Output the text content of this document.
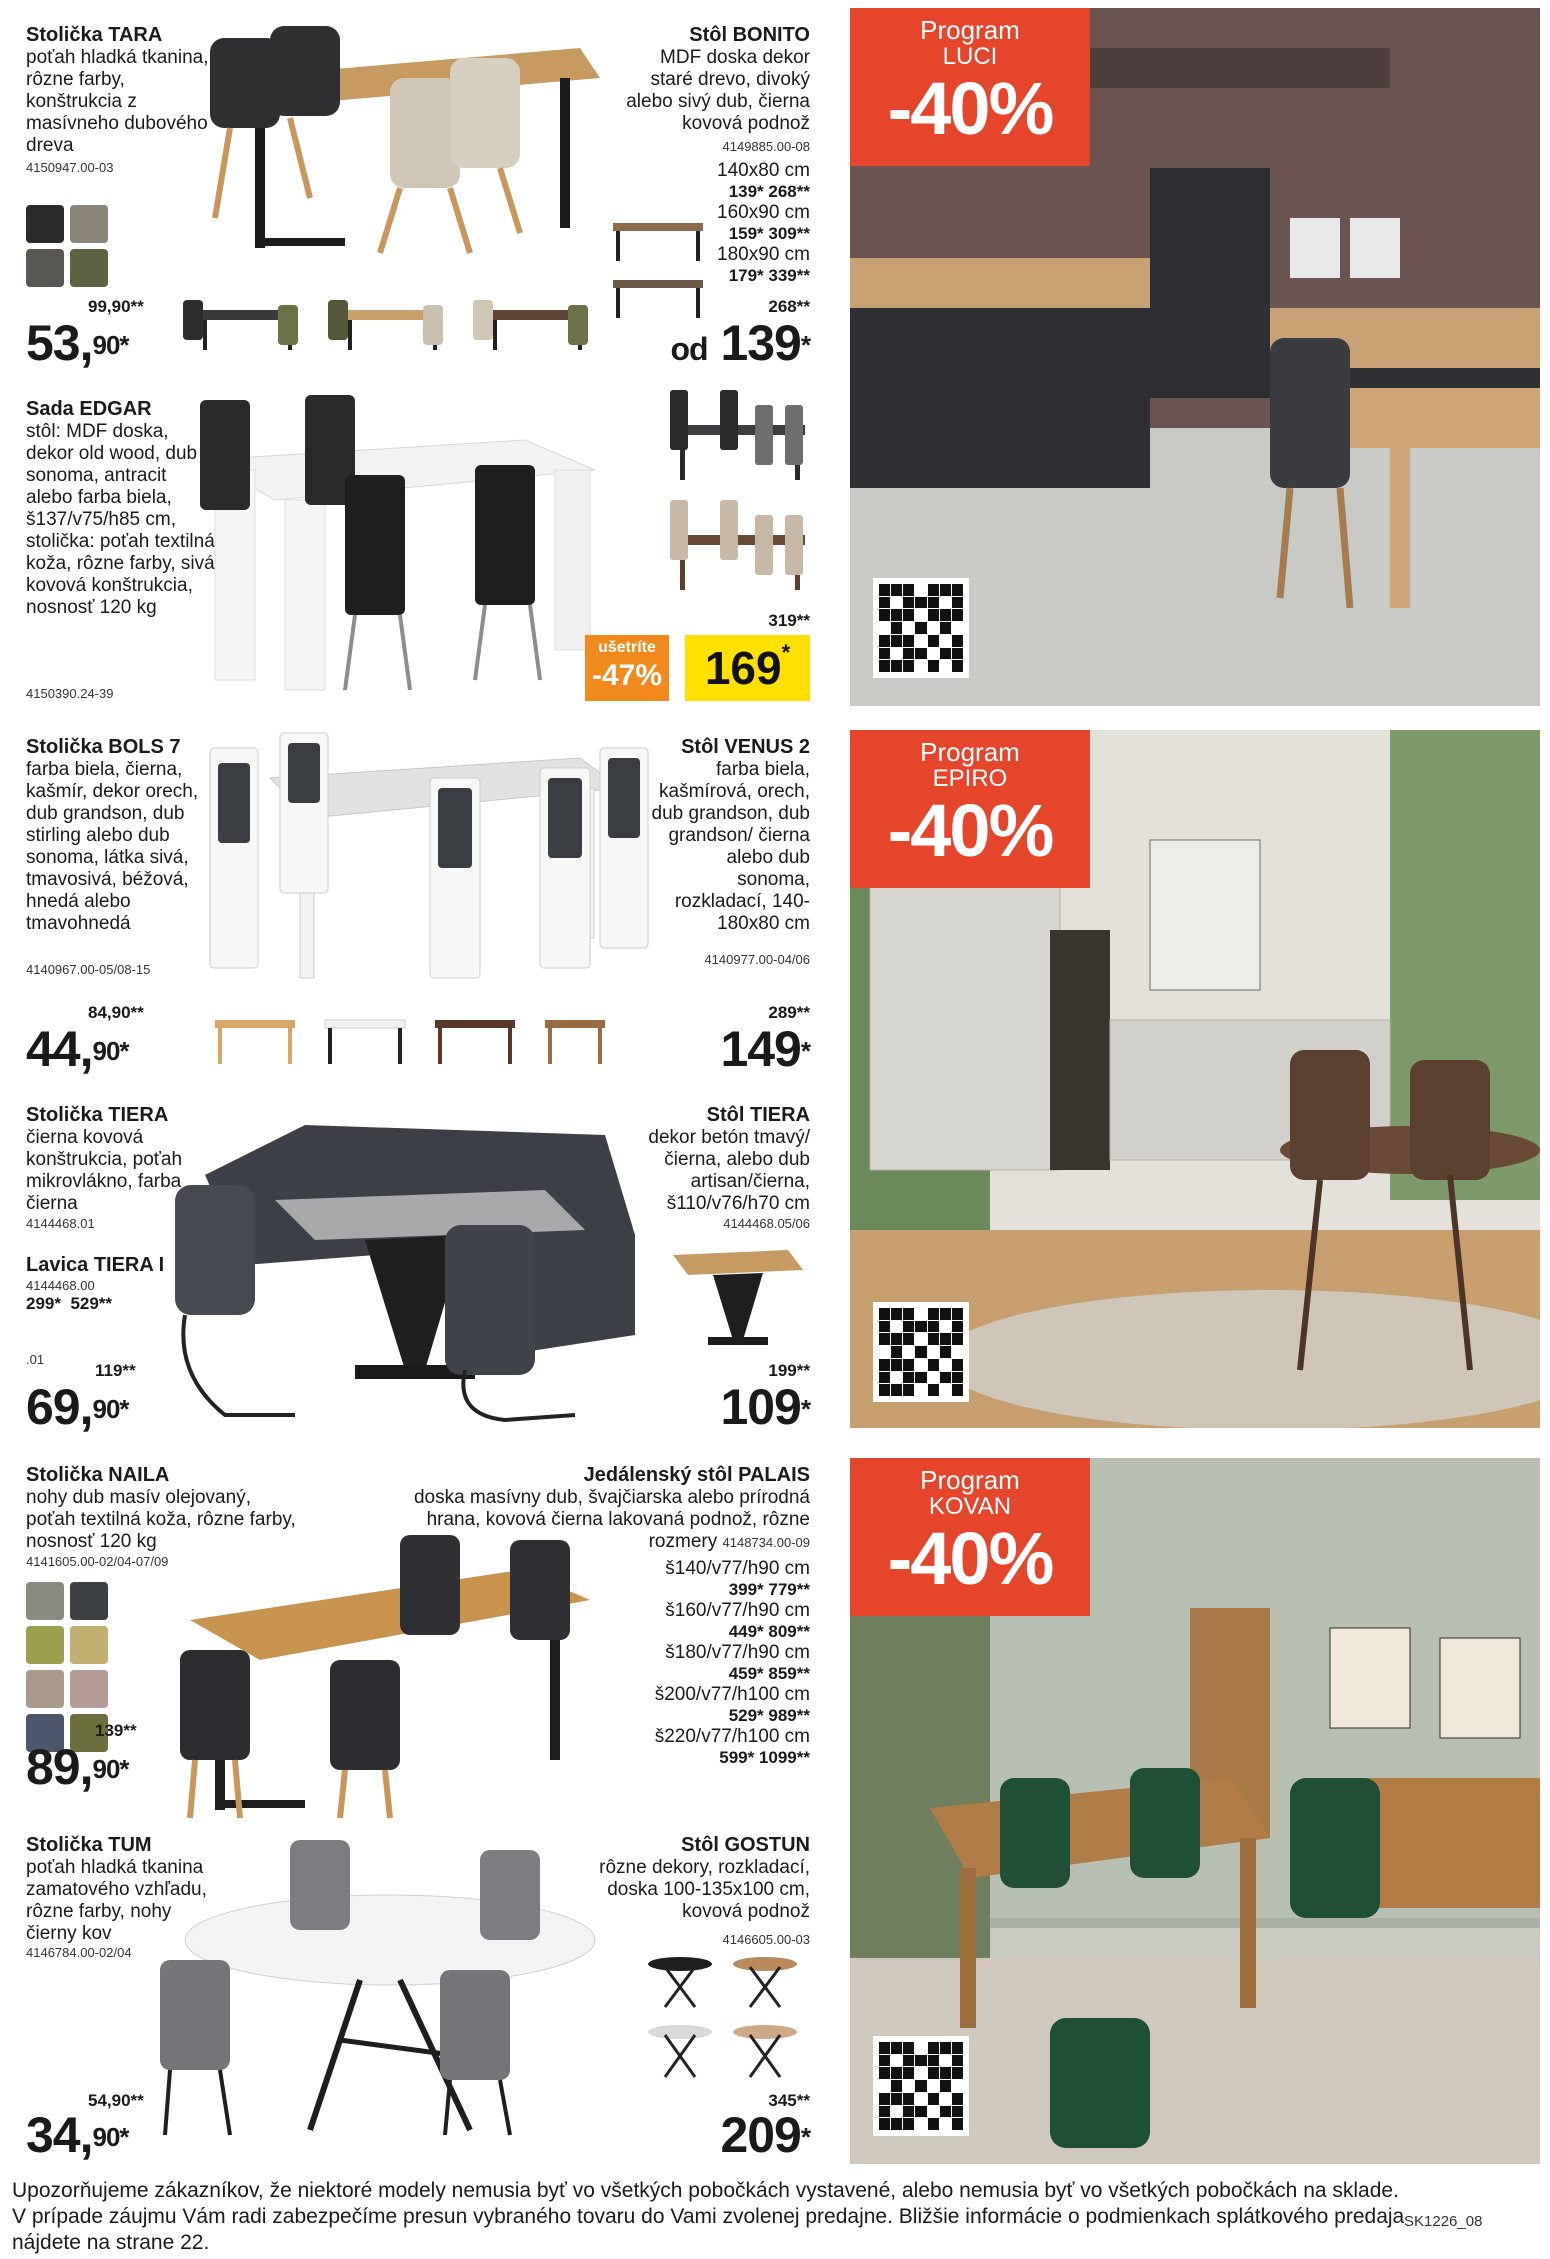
Stolička TARA
poťah hladká tkanina, rôzne farby, konštrukcia z masívneho dubového dreva
4150947.00-03
99,90**
53,$^{90*}$
Stôl BONITO
MDF doska dekor staré drevo, divoký alebo sivý dub, čierna kovová podnož
4149885.00-08
140x80 cm
139* 268**
160x90 cm
159* 309**
180x90 cm
179* 339**
268**
od 139*
Sada EDGAR
stôl: MDF doska, dekor old wood, dub sonoma, antracit alebo farba biela, š137/v75/h85 cm, stolička: poťah textilná koža, rôzne farby, sivá kovová konštrukcia, nosnosť 120 kg
4150390.24-39
ušetríte
-47%
319**
169*
Stolička BOLS 7
farba biela, čierna, kašmír, dekor orech, dub grandson, dub stirling alebo dub sonoma, látka sivá, tmavosivá, béžová, hnedá alebo tmavohnedá
4140967.00-05/08-15
84,90**
44,$^{90*}$
Stôl VENUS 2
farba biela, kašmírová, orech, dub grandson, dub grandson/ čierna alebo dub sonoma, rozkladací, 140-180x80 cm
4140977.00-04/06
289**
149*
Stolička TIERA
čierna kovová konštrukcia, poťah mikrovlákno, farba čierna
4144468.01
Lavica TIERA I
4144468.00
299* 529**
.01
119**
69,$^{90*}$
Stôl TIERA
dekor betón tmavý/ čierna, alebo dub artisan/čierna, š110/v76/h70 cm
4144468.05/06
199**
109*
Stolička NAILA
nohy dub masív olejovaný, poťah textilná koža, rôzne farby, nosnosť 120 kg
4141605.00-02/04-07/09
139**
89,$^{90*}$
Jedálenský stôl PALAIS
doska masívny dub, švajčiarska alebo prírodná hrana, kovová čierna lakovaná podnož, rôzne rozmery 4148734.00-09
š140/v77/h90 cm
399* 779**
š160/v77/h90 cm
449* 809**
š180/v77/h90 cm
459* 859**
š200/v77/h100 cm
529* 989**
š220/v77/h100 cm
599* 1099**
Stolička TUM
poťah hladká tkanina zamatového vzhľadu, rôzne farby, nohy čierny kov
4146784.00-02/04
54,90**
34,$^{90*}$
Stôl GOSTUN
rôzne dekory, rozkladací, doska 100-135x100 cm, kovová podnož
4146605.00-03
345**
209*
Program
LUCI
-40%
Program
EPIRO
-40%
Program
KOVAN
-40%
Upozorňujeme zákazníkov, že niektoré modely nemusia byť vo všetkých pobočkách vystavené, alebo nemusia byť vo všetkých pobočkách na sklade. V prípade záujmu Vám radi zabezpečíme presun vybraného tovaru do Vami zvolenej predajne. Bližšie informácie o podmienkach splátkového predaja nájdete na strane 22.
SK1226_08
